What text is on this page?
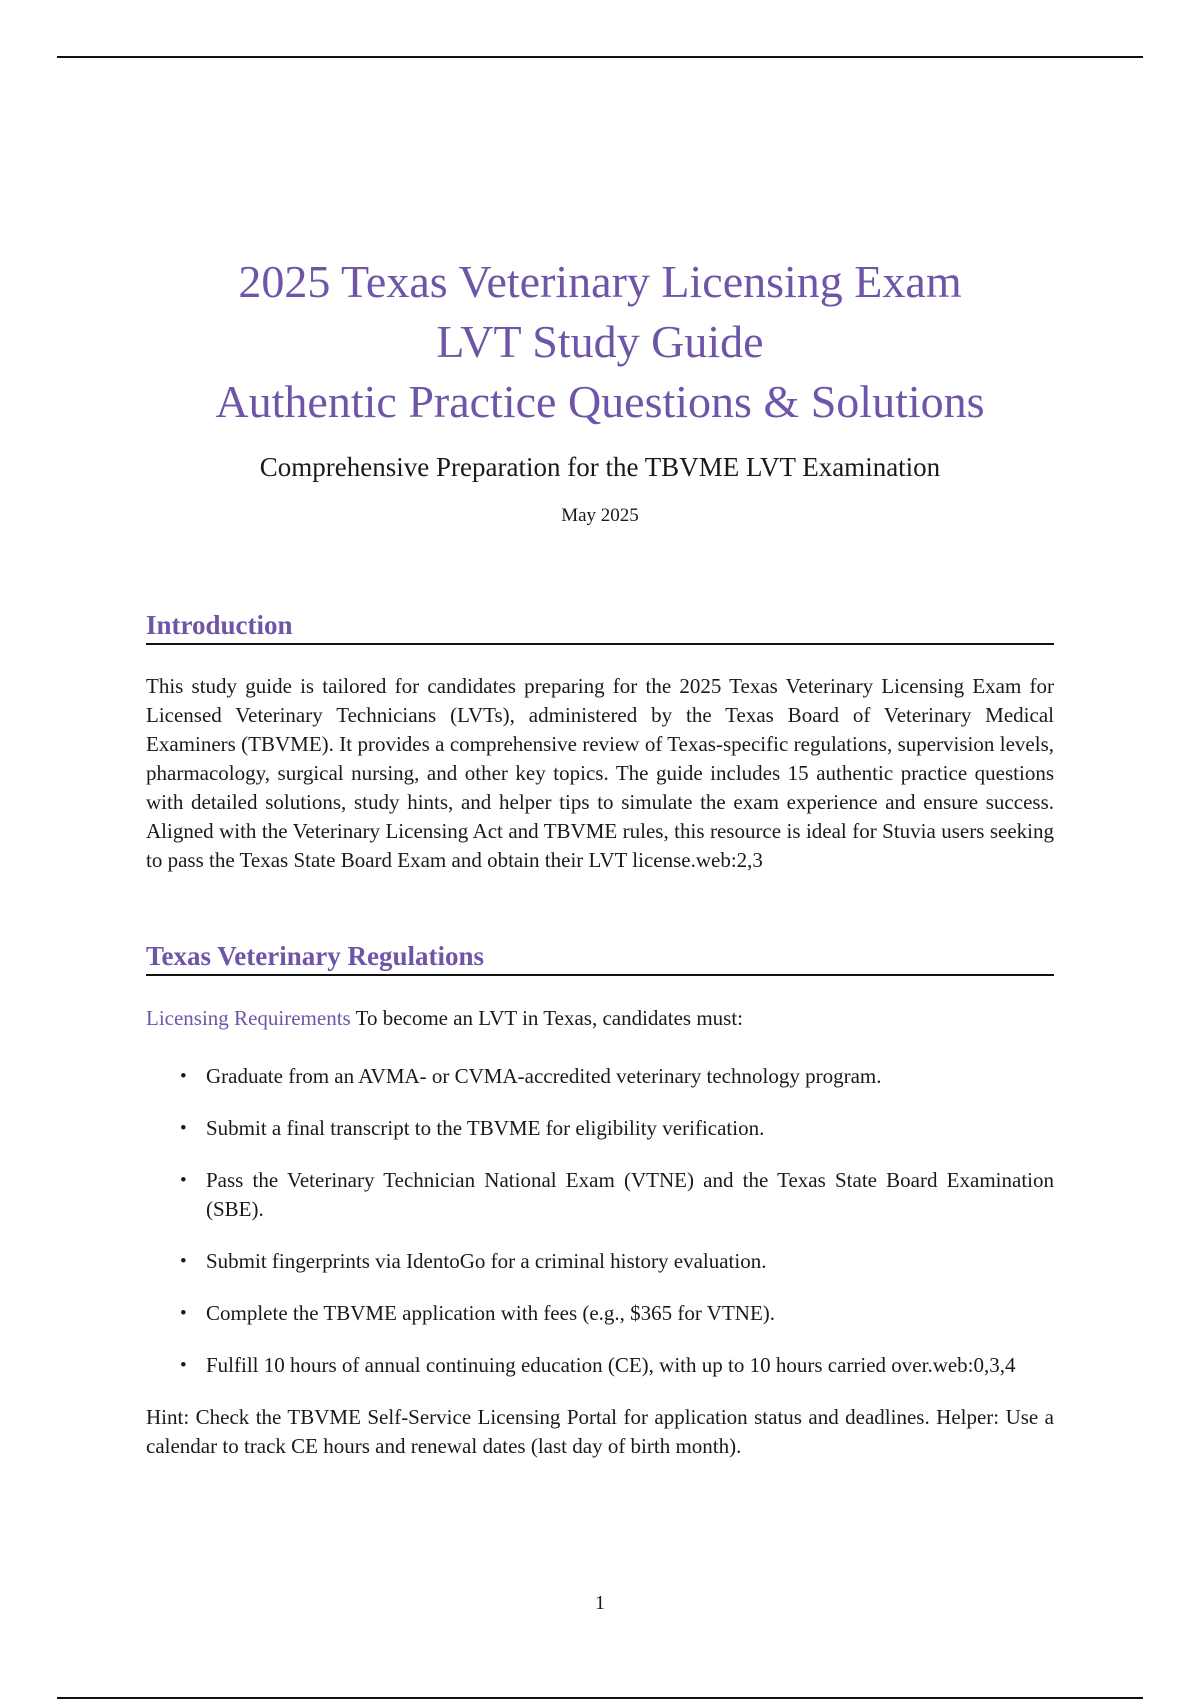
2025 Texas Veterinary Licensing Exam
LVT Study Guide
Authentic Practice Questions & Solutions
Comprehensive Preparation for the TBVME LVT Examination
May 2025
Introduction

This study guide is tailored for candidates preparing for the 2025 Texas Veterinary Licensing Exam for Licensed Veterinary Technicians (LVTs), administered by the Texas Board of Veterinary Medical Examiners (TBVME). It provides a comprehensive review of Texas-specific regulations, supervision levels, pharmacology, surgical nursing, and other key topics. The guide includes 15 authentic practice questions with detailed solutions, study hints, and helper tips to simulate the exam experience and ensure success. Aligned with the Veterinary Licensing Act and TBVME rules, this resource is ideal for Stuvia users seeking to pass the Texas State Board Exam and obtain their LVT license.web:2,3

Texas Veterinary Regulations

Licensing Requirements To become an LVT in Texas, candidates must:

• Graduate from an AVMA- or CVMA-accredited veterinary technology program.
• Submit a final transcript to the TBVME for eligibility verification.
• Pass the Veterinary Technician National Exam (VTNE) and the Texas State Board Examination (SBE).
• Submit fingerprints via IdentoGo for a criminal history evaluation.
• Complete the TBVME application with fees (e.g., $365 for VTNE).
• Fulfill 10 hours of annual continuing education (CE), with up to 10 hours carried over.web:0,3,4

Hint: Check the TBVME Self-Service Licensing Portal for application status and deadlines. Helper: Use a calendar to track CE hours and renewal dates (last day of birth month).

1
